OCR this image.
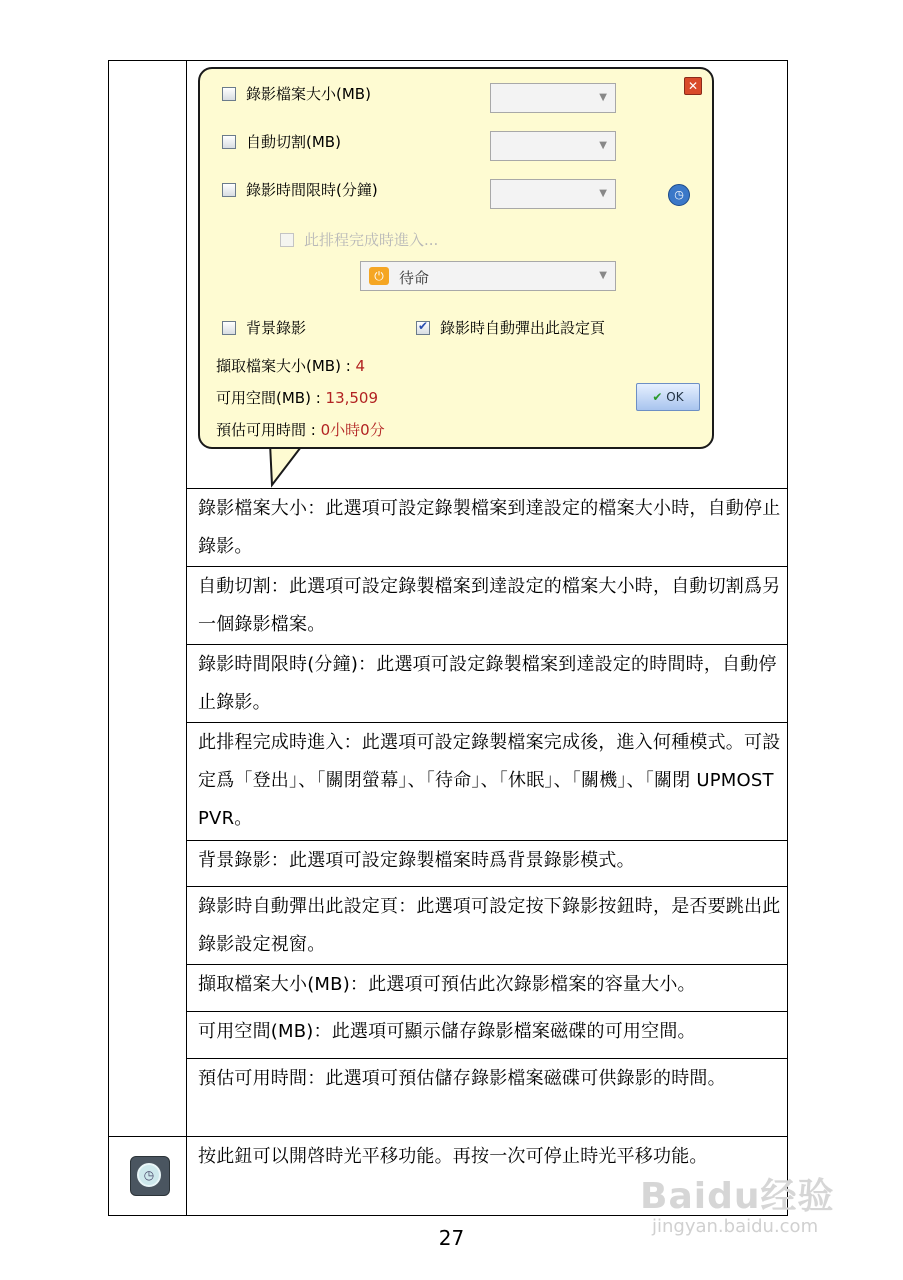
錄影檔案大小：此選項可設定錄製檔案到達設定的檔案大小時，自動停止錄影。
自動切割：此選項可設定錄製檔案到達設定的檔案大小時，自動切割爲另一個錄影檔案。
錄影時間限時(分鐘)：此選項可設定錄製檔案到達設定的時間時，自動停止錄影。
此排程完成時進入：此選項可設定錄製檔案完成後，進入何種模式。可設定爲「登出」、「關閉螢幕」、「待命」、「休眠」、「關機」、「關閉 UPMOST PVR。
背景錄影：此選項可設定錄製檔案時爲背景錄影模式。
錄影時自動彈出此設定頁：此選項可設定按下錄影按鈕時，是否要跳出此錄影設定視窗。
擷取檔案大小(MB)：此選項可預估此次錄影檔案的容量大小。
可用空間(MB)：此選項可顯示儲存錄影檔案磁碟的可用空間。
預估可用時間：此選項可預估儲存錄影檔案磁碟可供錄影的時間。
按此鈕可以開啓時光平移功能。再按一次可停止時光平移功能。
✕
錄影檔案大小(MB)	▼
自動切割(MB)	▼
錄影時間限時(分鐘)	▼	◷
此排程完成時進入...
⏻	待命	▼
背景錄影
✔	錄影時自動彈出此設定頁
擷取檔案大小(MB) : 4
可用空間(MB) : 13,509
預估可用時間 : 0小時0分
✔ OK
◷
Baidu经验
jingyan.baidu.com
27
